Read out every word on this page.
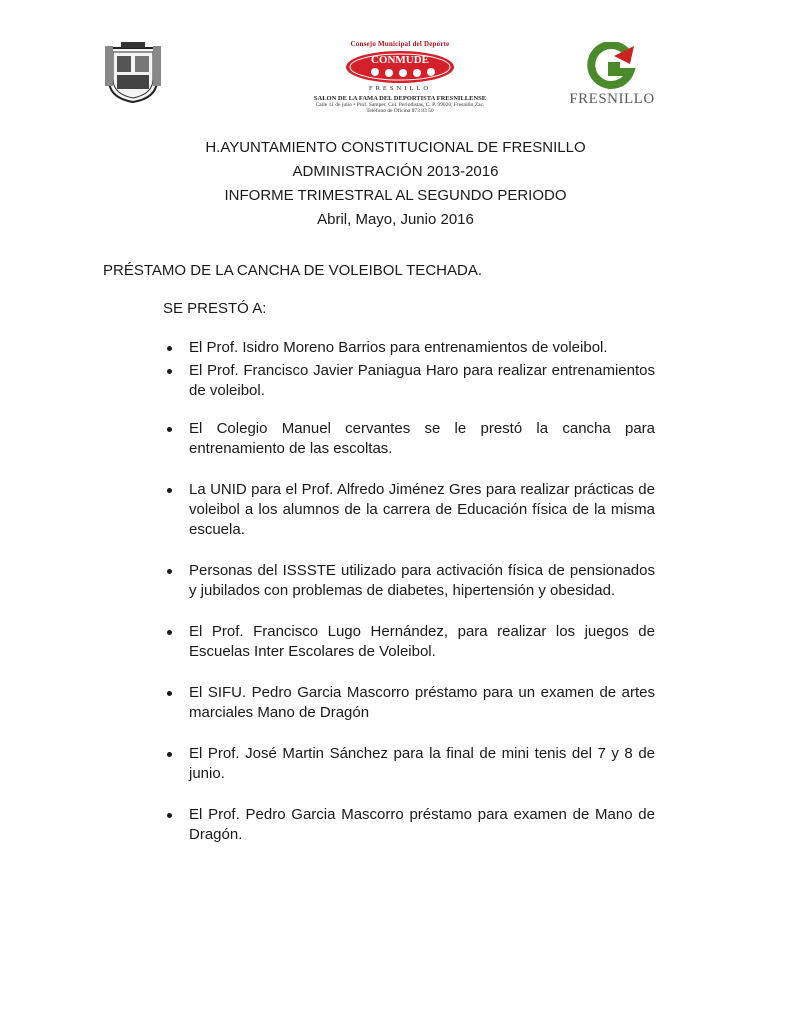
Consejo Municipal del Deporte
CONMUDE
FRESNILLO
SALON DE LA FAMA DEL DEPORTISTA FRESNILLENSE
Calle 11 de julio • Prof. Samper, Col. Periodistas, C. P. 99020, Fresnillo,Zac.
Teléfono de Oficina 873 83 50
FRESNILLO
H.AYUNTAMIENTO CONSTITUCIONAL DE FRESNILLO
ADMINISTRACIÓN 2013-2016
INFORME TRIMESTRAL AL SEGUNDO PERIODO
Abril, Mayo, Junio 2016
PRÉSTAMO DE LA CANCHA DE VOLEIBOL TECHADA.
SE PRESTÓ A:
El Prof. Isidro Moreno Barrios para entrenamientos de voleibol.
El Prof. Francisco Javier Paniagua Haro para realizar entrenamientos de voleibol.
El Colegio Manuel cervantes se le prestó la cancha para entrenamiento de las escoltas.
La UNID para el Prof. Alfredo Jiménez Gres para realizar prácticas de voleibol a los alumnos de la carrera de Educación física de la misma escuela.
Personas del ISSSTE utilizado para activación física de pensionados y jubilados con problemas de diabetes, hipertensión y obesidad.
El Prof. Francisco Lugo Hernández, para realizar los juegos de Escuelas Inter Escolares de Voleibol.
El SIFU. Pedro Garcia Mascorro préstamo para un examen de artes marciales Mano de Dragón
El Prof. José Martin Sánchez para la final de mini tenis del 7 y 8 de junio.
El Prof. Pedro Garcia Mascorro préstamo para examen de Mano de Dragón.
